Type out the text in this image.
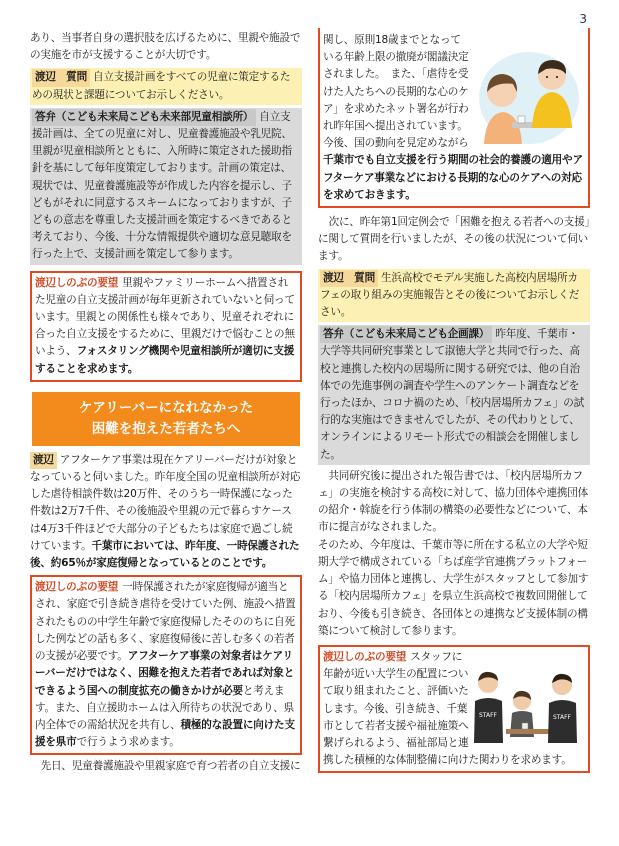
3
あり、当事者自身の選択肢を広げるために、里親や施設での実施を市が支援することが大切です。
渡辺　質問 自立支援計画をすべての児童に策定するための現状と課題についてお示しください。
答弁（こども未来局こども未来部児童相談所） 自立支援計画は、全ての児童に対し、児童養護施設や乳児院、里親が児童相談所とともに、入所時に策定された援助指針を基にして毎年度策定しております。計画の策定は、現状では、児童養護施設等が作成した内容を提示し、子どもがそれに同意するスキームになっておりますが、子どもの意志を尊重した支援計画を策定するべきであると考えており、今後、十分な情報提供や適切な意見聴取を行った上で、支援計画を策定して参ります。
渡辺しのぶの要望 里親やファミリーホームへ措置された児童の自立支援計画が毎年更新されていないと伺っています。里親との関係性も様々であり、児童それぞれに合った自立支援をするために、里親だけで悩むことの無いよう、フォスタリング機関や児童相談所が適切に支援することを求めます。
ケアリーバーになれなかった
困難を抱えた若者たちへ
渡辺 アフターケア事業は現在ケアリーバーだけが対象となっていると伺いました。昨年度全国の児童相談所が対応した虐待相談件数は20万件、そのうち一時保護になった件数は2万7千件、その後施設や里親の元で暮らすケースは4万3千件ほどで大部分の子どもたちは家庭で過ごし続けています。千葉市においては、昨年度、一時保護された後、約65％が家庭復帰となっているとのことです。
渡辺しのぶの要望 一時保護されたが家庭復帰が適当とされ、家庭で引き続き虐待を受けていた例、施設へ措置されたものの中学生年齢で家庭復帰したそののちに自死した例などの話も多く、家庭復帰後に苦しむ多くの若者の支援が必要です。アフターケア事業の対象者はケアリーバーだけではなく、困難を抱えた若者であれば対象とできるよう国への制度拡充の働きかけが必要と考えます。また、自立援助ホームは入所待ちの状況であり、県内全体での需給状況を共有し、積極的な設置に向けた支援を県市で行うよう求めます。
先日、児童養護施設や里親家庭で育つ若者の自立支援に
関し、原則18歳までとなっている年齢上限の撤廃が閣議決定されました。　また、「虐待を受けた人たちへの長期的な心のケア」を求めたネット署名が行われ昨年国へ提出されています。今後、国の動向を見定めながら千葉市でも自立支援を行う期間の社会的養護の適用やアフターケア事業などにおける長期的な心のケアへの対応を求めておきます。
次に、昨年第1回定例会で「困難を抱える若者への支援」に関して質問を行いましたが、その後の状況について伺います。
渡辺　質問 生浜高校でモデル実施した高校内居場所カフェの取り組みの実施報告とその後についてお示しください。
答弁（こども未来局こども企画課） 昨年度、千葉市・大学等共同研究事業として淑徳大学と共同で行った、高校と連携した校内の居場所に関する研究では、他の自治体での先進事例の調査や学生へのアンケート調査などを行ったほか、コロナ禍のため、「校内居場所カフェ」の試行的な実施はできませんでしたが、その代わりとして、オンラインによるリモート形式での相談会を開催しました。
　共同研究後に提出された報告書では、「校内居場所カフェ」の実施を検討する高校に対して、協力団体や連携団体の紹介・斡旋を行う体制の構築の必要性などについて、本市に提言がなされました。
そのため、今年度は、千葉市等に所在する私立の大学や短期大学で構成されている「ちば産学官連携プラットフォーム」や協力団体と連携し、大学生がスタッフとして参加する「校内居場所カフェ」を県立生浜高校で複数回開催しており、今後も引き続き、各団体との連携など支援体制の構築について検討して参ります。
渡辺しのぶの要望 スタッフに年齢が近い大学生の配置について取り組まれたこと、評価いたします。今後、引き続き、千葉市として若者支援や福祉施策へ繋げられるよう、福祉部局と連携した積極的な体制整備に向けた関わりを求めます。
STAFF	STAFF
